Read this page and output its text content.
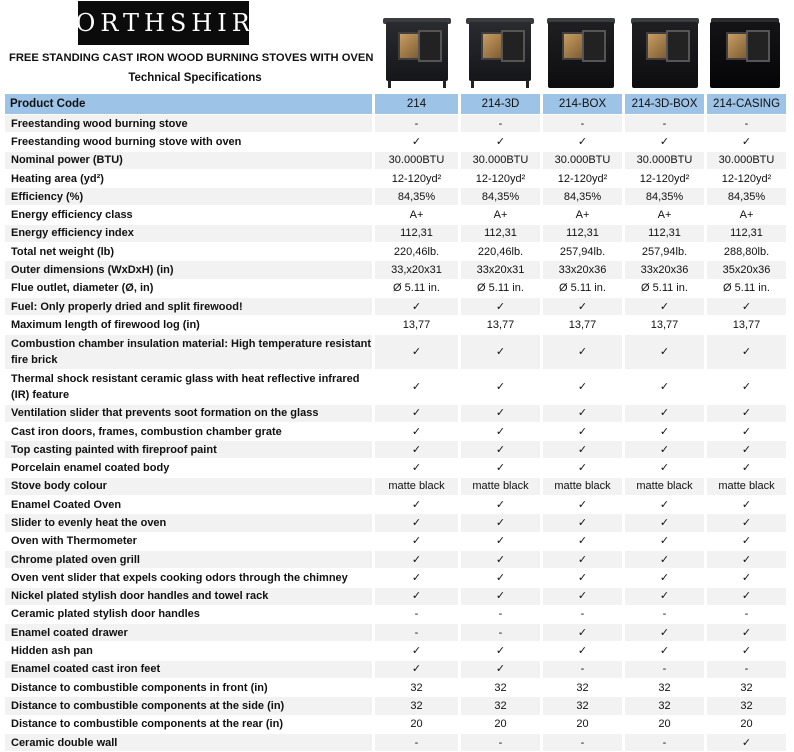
NORTHSHIRE
FREE STANDING CAST IRON WOOD BURNING STOVES WITH OVEN
Technical Specifications
Product Code	214	214-3D	214-BOX	214-3D-BOX	214-CASING
Freestanding wood burning stove	-	-	-	-	-
Freestanding wood burning stove with oven	✓	✓	✓	✓	✓
Nominal power (BTU)	30.000BTU	30.000BTU	30.000BTU	30.000BTU	30.000BTU
Heating area (yd²)	12-120yd²	12-120yd²	12-120yd²	12-120yd²	12-120yd²
Efficiency (%)	84,35%	84,35%	84,35%	84,35%	84,35%
Energy efficiency class	A+	A+	A+	A+	A+
Energy efficiency index	112,31	112,31	112,31	112,31	112,31
Total net weight (lb)	220,46lb.	220,46lb.	257,94lb.	257,94lb.	288,80lb.
Outer dimensions (WxDxH) (in)	33,x20x31	33x20x31	33x20x36	33x20x36	35x20x36
Flue outlet, diameter (Ø, in)	Ø 5.11 in.	Ø 5.11 in.	Ø 5.11 in.	Ø 5.11 in.	Ø 5.11 in.
Fuel: Only properly dried and split firewood!	✓	✓	✓	✓	✓
Maximum length of firewood log (in)	13,77	13,77	13,77	13,77	13,77
Combustion chamber insulation material: High temperature resistant fire brick	✓	✓	✓	✓	✓
Thermal shock resistant ceramic glass with heat reflective infrared (IR) feature	✓	✓	✓	✓	✓
Ventilation slider that prevents soot formation on the glass	✓	✓	✓	✓	✓
Cast iron doors, frames, combustion chamber grate	✓	✓	✓	✓	✓
Top casting painted with fireproof paint	✓	✓	✓	✓	✓
Porcelain enamel coated body	✓	✓	✓	✓	✓
Stove body colour	matte black	matte black	matte black	matte black	matte black
Enamel Coated Oven	✓	✓	✓	✓	✓
Slider to evenly heat the oven	✓	✓	✓	✓	✓
Oven with Thermometer	✓	✓	✓	✓	✓
Chrome plated oven grill	✓	✓	✓	✓	✓
Oven vent slider that expels cooking odors through the chimney	✓	✓	✓	✓	✓
Nickel plated stylish door handles and towel rack	✓	✓	✓	✓	✓
Ceramic plated stylish door handles	-	-	-	-	-
Enamel coated drawer	-	-	✓	✓	✓
Hidden ash pan	✓	✓	✓	✓	✓
Enamel coated cast iron feet	✓	✓	-	-	-
Distance to combustible components in front (in)	32	32	32	32	32
Distance to combustible components at the side (in)	32	32	32	32	32
Distance to combustible components at the rear (in)	20	20	20	20	20
Ceramic double wall	-	-	-	-	✓
